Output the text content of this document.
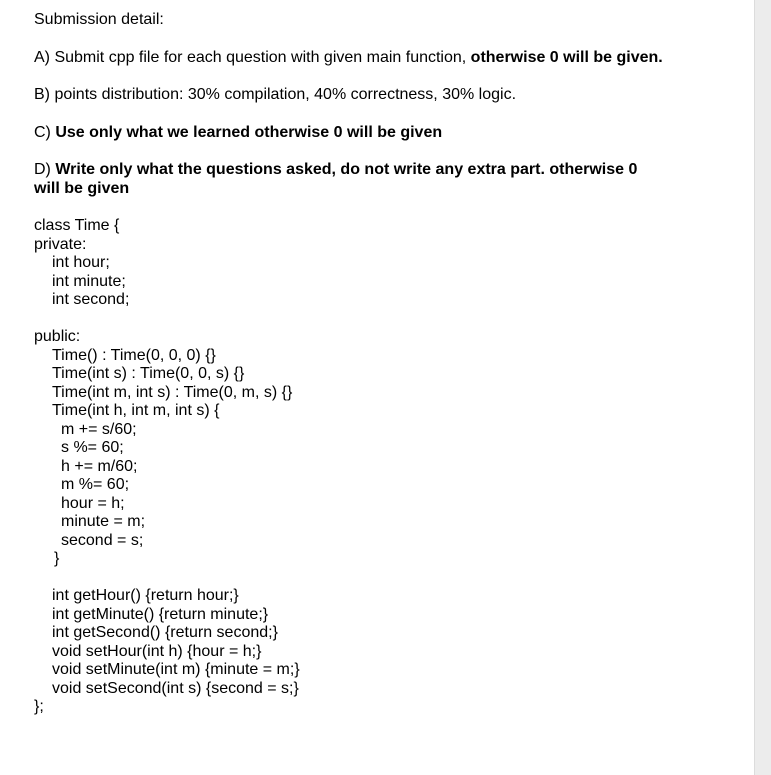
Submission detail:

A) Submit cpp file for each question with given main function, otherwise 0 will be given.

B) points distribution: 30% compilation, 40% correctness, 30% logic.

C) Use only what we learned otherwise 0 will be given

D) Write only what the questions asked, do not write any extra part. otherwise 0 will be given

class Time {
private:
int hour;
int minute;
int second;
public:
Time() : Time(0, 0, 0) {}
Time(int s) : Time(0, 0, s) {}
Time(int m, int s) : Time(0, m, s) {}
Time(int h, int m, int s) {
m += s/60;
s %= 60;
h += m/60;
m %= 60;
hour = h;
minute = m;
second = s;
}
int getHour() {return hour;}
int getMinute() {return minute;}
int getSecond() {return second;}
void setHour(int h) {hour = h;}
void setMinute(int m) {minute = m;}
void setSecond(int s) {second = s;}
};
